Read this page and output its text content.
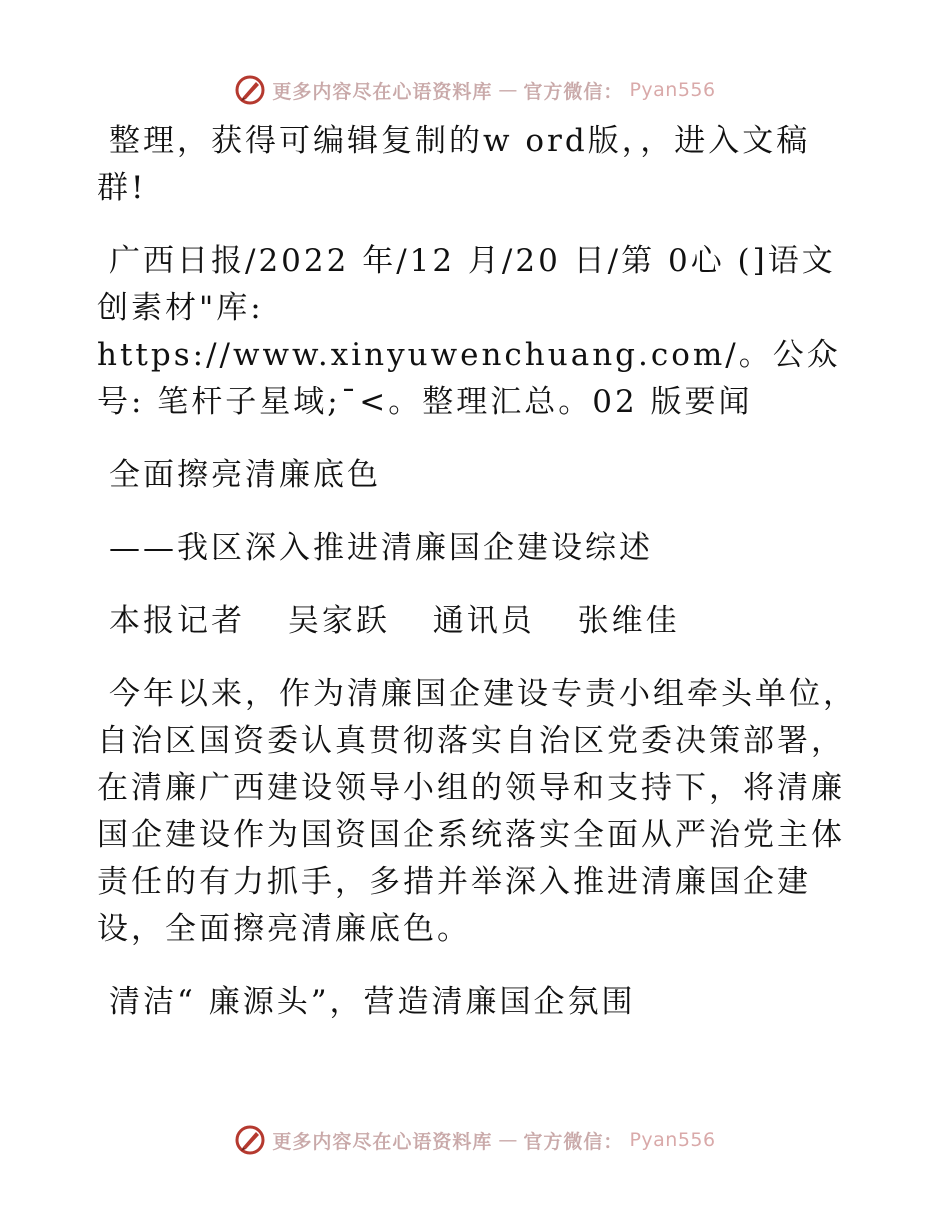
更多内容尽在心语资料库 — 官方微信： Pyan556

整理，获得可编辑复制的w ord版，，进入文稿群!

广西日报/2022 年/12 月/20 日/第 0心 (]语文创素材"库: https://www.xinyuwenchuang.com/。公众号: 笔杆子星域;¯<。整理汇总。02 版要闻

全面擦亮清廉底色

——我区深入推进清廉国企建设综述

本报记者 吴家跃 通讯员 张维佳

今年以来，作为清廉国企建设专责小组牵头单位，自治区国资委认真贯彻落实自治区党委决策部署，在清廉广西建设领导小组的领导和支持下，将清廉国企建设作为国资国企系统落实全面从严治党主体责任的有力抓手，多措并举深入推进清廉国企建设，全面擦亮清廉底色。

清洁“ 廉源头”，营造清廉国企氛围

更多内容尽在心语资料库 — 官方微信： Pyan556
